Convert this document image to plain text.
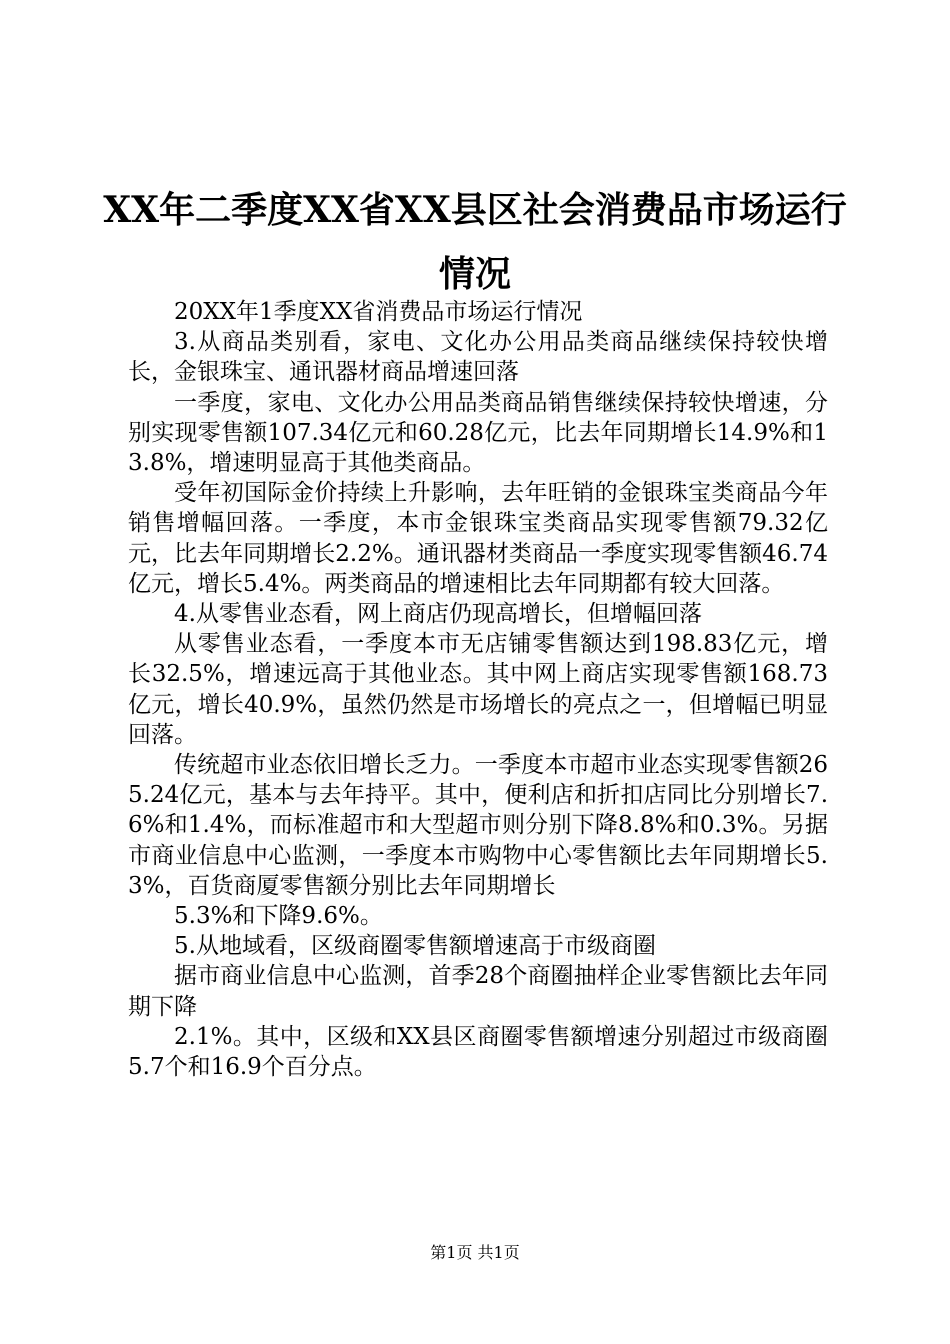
XX年二季度XX省XX县区社会消费品市场运行情况

20XX年1季度XX省消费品市场运行情况

3.从商品类别看，家电、文化办公用品类商品继续保持较快增长，金银珠宝、通讯器材商品增速回落

一季度，家电、文化办公用品类商品销售继续保持较快增速，分别实现零售额107.34亿元和60.28亿元，比去年同期增长14.9%和13.8%，增速明显高于其他类商品。

受年初国际金价持续上升影响，去年旺销的金银珠宝类商品今年销售增幅回落。一季度，本市金银珠宝类商品实现零售额79.32亿元，比去年同期增长2.2%。通讯器材类商品一季度实现零售额46.74亿元，增长5.4%。两类商品的增速相比去年同期都有较大回落。

4.从零售业态看，网上商店仍现高增长，但增幅回落

从零售业态看，一季度本市无店铺零售额达到198.83亿元，增长32.5%，增速远高于其他业态。其中网上商店实现零售额168.73亿元，增长40.9%，虽然仍然是市场增长的亮点之一，但增幅已明显回落。

传统超市业态依旧增长乏力。一季度本市超市业态实现零售额265.24亿元，基本与去年持平。其中，便利店和折扣店同比分别增长7.6%和1.4%，而标准超市和大型超市则分别下降8.8%和0.3%。另据市商业信息中心监测，一季度本市购物中心零售额比去年同期增长5.3%，百货商厦零售额分别比去年同期增长

5.3%和下降9.6%。

5.从地域看，区级商圈零售额增速高于市级商圈

据市商业信息中心监测，首季28个商圈抽样企业零售额比去年同期下降

2.1%。其中，区级和XX县区商圈零售额增速分别超过市级商圈5.7个和16.9个百分点。

第1页 共1页
